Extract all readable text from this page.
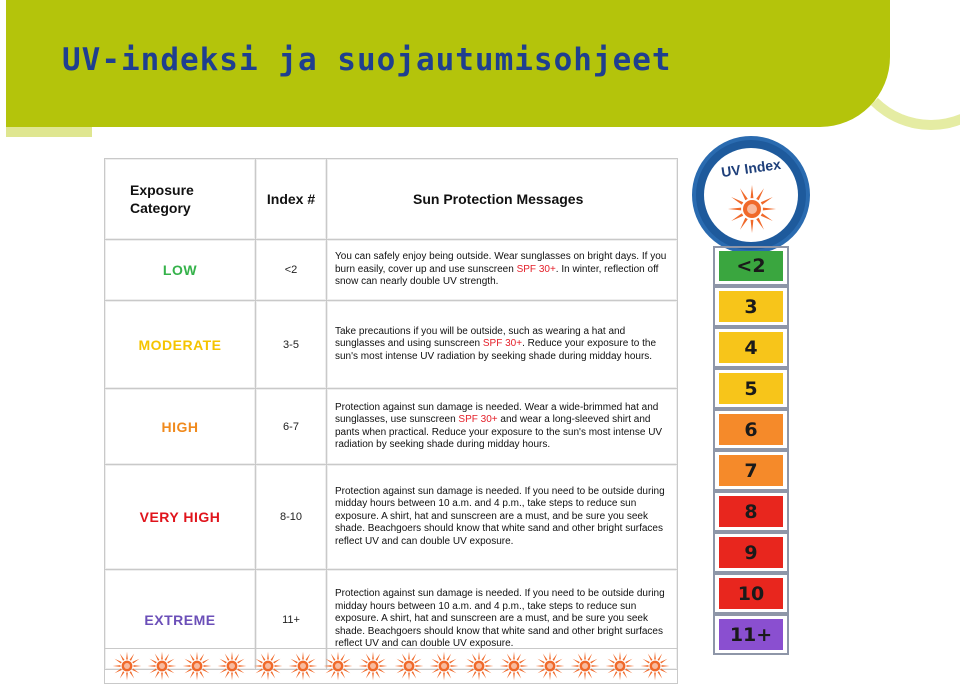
UV-indeksi ja suojautumisohjeet
Exposure Category	Index #	Sun Protection Messages
LOW	<2	You can safely enjoy being outside. Wear sunglasses on bright days. If you burn easily, cover up and use sunscreen SPF 30+. In winter, reflection off snow can nearly double UV strength.
MODERATE	3-5	Take precautions if you will be outside, such as wearing a hat and sunglasses and using sunscreen SPF 30+. Reduce your exposure to the sun's most intense UV radiation by seeking shade during midday hours.
HIGH	6-7	Protection against sun damage is needed. Wear a wide-brimmed hat and sunglasses, use sunscreen SPF 30+ and wear a long-sleeved shirt and pants when practical. Reduce your exposure to the sun's most intense UV radiation by seeking shade during midday hours.
VERY HIGH	8-10	Protection against sun damage is needed. If you need to be outside during midday hours between 10 a.m. and 4 p.m., take steps to reduce sun exposure. A shirt, hat and sunscreen are a must, and be sure you seek shade. Beachgoers should know that white sand and other bright surfaces reflect UV and can double UV exposure.
EXTREME	11+	Protection against sun damage is needed. If you need to be outside during midday hours between 10 a.m. and 4 p.m., take steps to reduce sun exposure. A shirt, hat and sunscreen are a must, and be sure you seek shade. Beachgoers should know that white sand and other bright surfaces reflect UV and can double UV exposure.
UV Index
<2
3
4
5
6
7
8
9
10
11+
